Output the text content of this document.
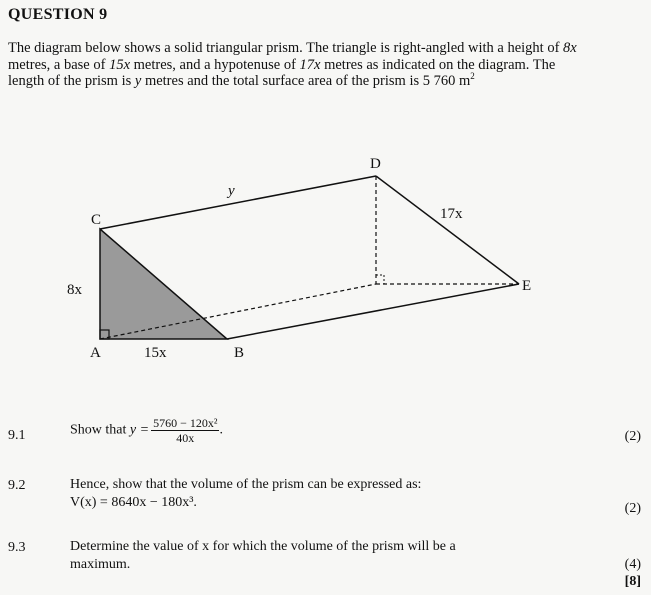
QUESTION 9
The diagram below shows a solid triangular prism. The triangle is right-angled with a height of 8x metres, a base of 15x metres, and a hypotenuse of 17x metres as indicated on the diagram. The length of the prism is y metres and the total surface area of the prism is 5 760 $m^2$
C
D
A	B
E
y
8x
15x
17x
9.1	Show that $y = \frac{\text{5760 − 120x²}}{40x}$ .	(2)
9.2	Hence, show that the volume of the prism can be expressed as:
V(x) = 8640x − 180x³.	(2)
9.3	Determine the value of x for which the volume of the prism will be a
maximum.	(4)
[8]
